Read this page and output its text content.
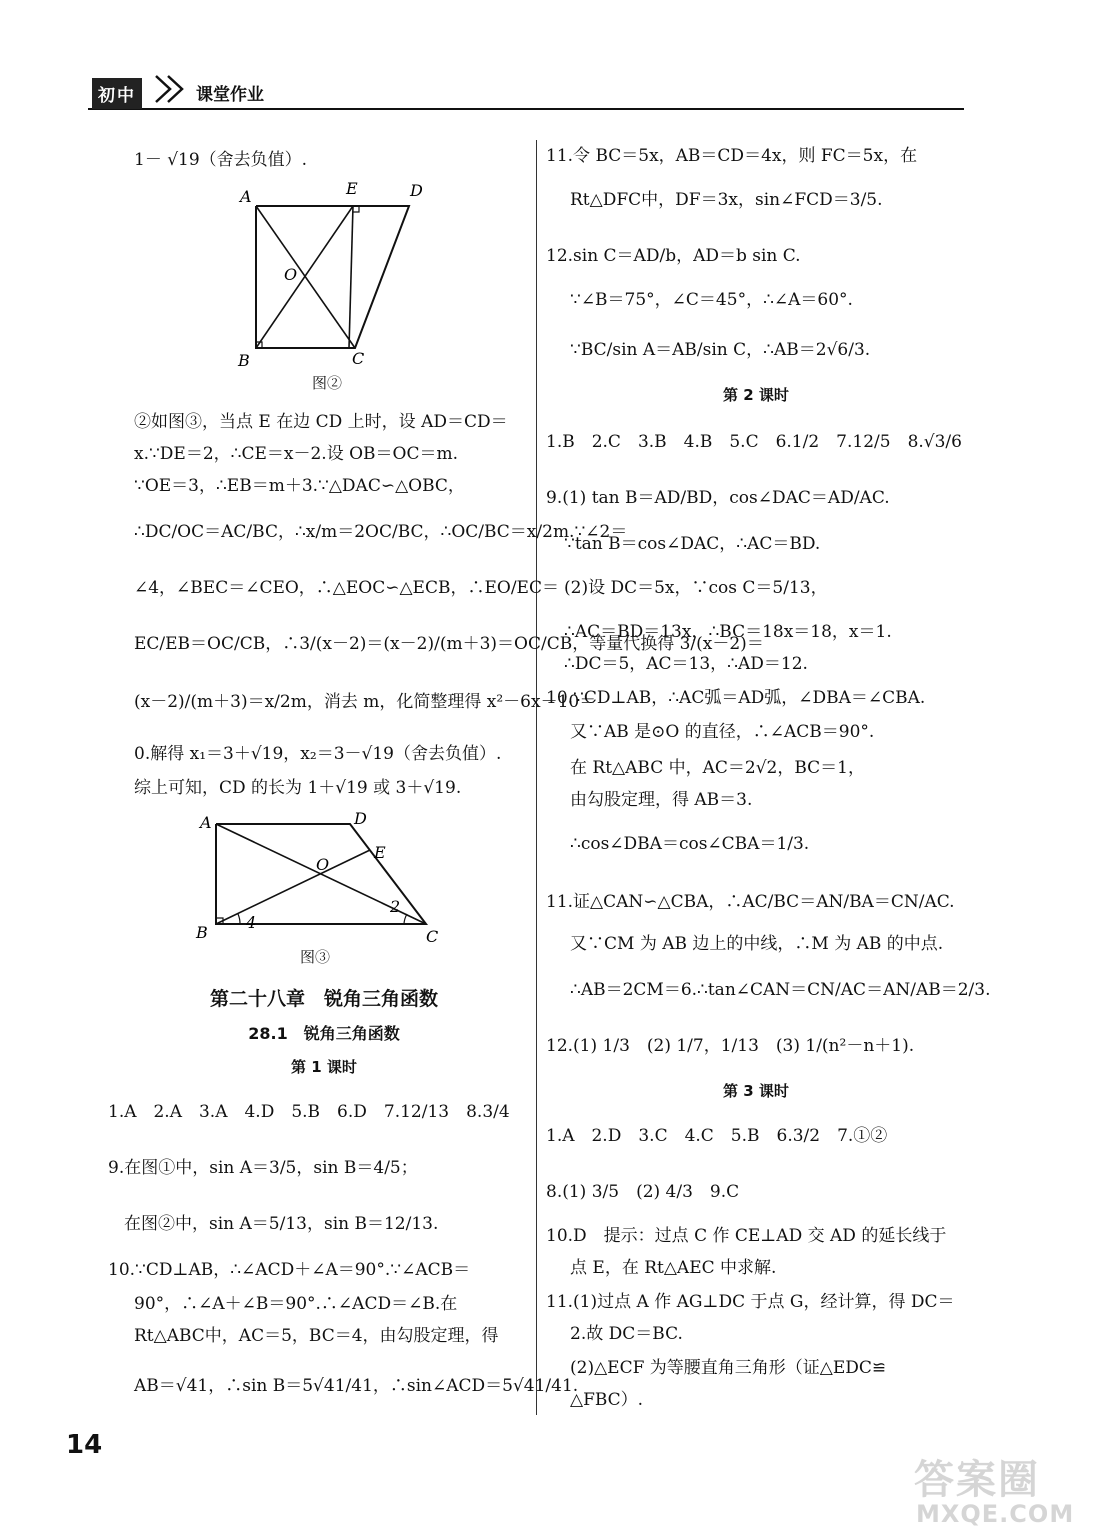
初中	课堂作业
1－ √19（舍去负值）.
A	E	D
O
B	C
图②
②如图③，当点 E 在边 CD 上时，设 AD＝CD＝
x.∵DE＝2，∴CE＝x－2.设 OB＝OC＝m.
∵OE＝3，∴EB＝m＋3.∵△DAC∽△OBC，
∴DC/OC＝AC/BC，∴x/m＝2OC/BC，∴OC/BC＝x/2m.∵∠2＝
∠4，∠BEC＝∠CEO，∴△EOC∽△ECB，∴EO/EC＝
EC/EB＝OC/CB，∴3/(x－2)＝(x－2)/(m＋3)＝OC/CB，等量代换得 3/(x－2)＝
(x－2)/(m＋3)＝x/2m，消去 m，化简整理得 x²－6x－10＝
0.解得 x₁＝3＋√19，x₂＝3－√19（舍去负值）.
综上可知，CD 的长为 1＋√19 或 3＋√19.
A	D
E
O
2
B
4
C
图③
第二十八章　锐角三角函数
28.1　锐角三角函数
第 1 课时
1.A　2.A　3.A　4.D　5.B　6.D　7.12/13　8.3/4
9.在图①中，sin A＝3/5，sin B＝4/5；
在图②中，sin A＝5/13，sin B＝12/13.
10.∵CD⊥AB，∴∠ACD＋∠A＝90°.∵∠ACB＝
90°，∴∠A＋∠B＝90°.∴∠ACD＝∠B.在
Rt△ABC中，AC＝5，BC＝4，由勾股定理，得
AB＝√41，∴sin B＝5√41/41，∴sin∠ACD＝5√41/41.
11.令 BC＝5x，AB＝CD＝4x，则 FC＝5x，在
Rt△DFC中，DF＝3x，sin∠FCD＝3/5.
12.sin C＝AD/b，AD＝b sin C.
∵∠B＝75°，∠C＝45°，∴∠A＝60°.
∵BC/sin A＝AB/sin C，∴AB＝2√6/3.
第 2 课时
1.B　2.C　3.B　4.B　5.C　6.1/2　7.12/5　8.√3/6
9.(1) tan B＝AD/BD，cos∠DAC＝AD/AC.
∵tan B＝cos∠DAC，∴AC＝BD.
(2)设 DC＝5x，∵cos C＝5/13，
∴AC＝BD＝13x，∴BC＝18x＝18，x＝1.
∴DC＝5，AC＝13，∴AD＝12.
10.∵CD⊥AB，∴AC弧＝AD弧，∠DBA＝∠CBA.
又∵AB 是⊙O 的直径，∴∠ACB＝90°.
在 Rt△ABC 中，AC＝2√2，BC＝1，
由勾股定理，得 AB＝3.
∴cos∠DBA＝cos∠CBA＝1/3.
11.证△CAN∽△CBA，∴AC/BC＝AN/BA＝CN/AC.
又∵CM 为 AB 边上的中线，∴M 为 AB 的中点.
∴AB＝2CM＝6.∴tan∠CAN＝CN/AC＝AN/AB＝2/3.
12.(1) 1/3　(2) 1/7，1/13　(3) 1/(n²－n＋1).
第 3 课时
1.A　2.D　3.C　4.C　5.B　6.3/2　7.①②
8.(1) 3/5　(2) 4/3　9.C
10.D　提示：过点 C 作 CE⊥AD 交 AD 的延长线于
点 E，在 Rt△AEC 中求解.
11.(1)过点 A 作 AG⊥DC 于点 G，经计算，得 DC＝
2.故 DC＝BC.
(2)△ECF 为等腰直角三角形（证△EDC≌
△FBC）.
14
答案圈
MXQE.COM
